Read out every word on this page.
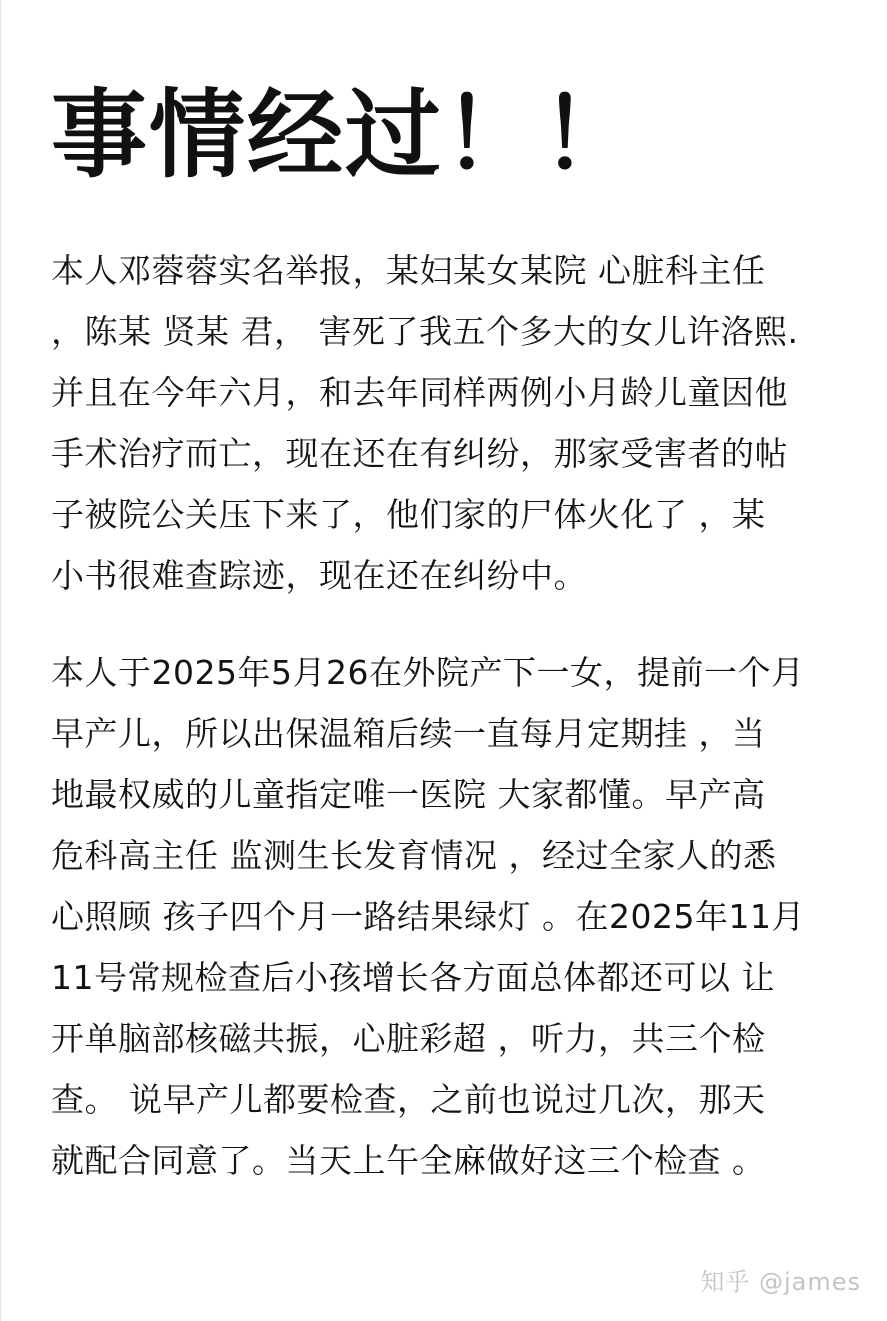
事情经过！！
本人邓蓉蓉实名举报，某妇某女某院 心脏科主任
，陈某 贤某 君， 害死了我五个多大的女儿许洛熙.
并且在今年六月，和去年同样两例小月龄儿童因他
手术治疗而亡，现在还在有纠纷，那家受害者的帖
子被院公关压下来了，他们家的尸体火化了 ，某
小书很难查踪迹，现在还在纠纷中。
本人于2025年5月26在外院产下一女，提前一个月
早产儿，所以出保温箱后续一直每月定期挂 ，当
地最权威的儿童指定唯一医院 大家都懂。早产高
危科高主任 监测生长发育情况 ，经过全家人的悉
心照顾 孩子四个月一路结果绿灯 。在2025年11月
11号常规检查后小孩增长各方面总体都还可以 让
开单脑部核磁共振，心脏彩超 ，听力，共三个检
查。 说早产儿都要检查，之前也说过几次，那天
就配合同意了。当天上午全麻做好这三个检查 。
知乎 @james
